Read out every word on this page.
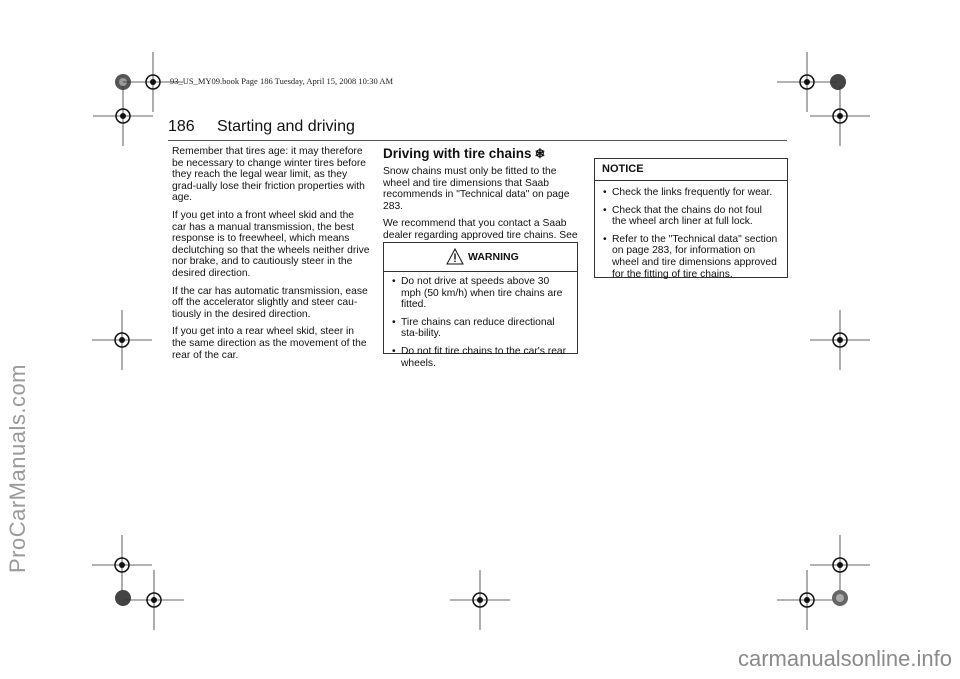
ProCarManuals.com
93_US_MY09.book Page 186 Tuesday, April 15, 2008 10:30 AM
186 Starting and driving

Remember that tires age: it may therefore be necessary to change winter tires before they reach the legal wear limit, as they grad-ually lose their friction properties with age.

If you get into a front wheel skid and the car has a manual transmission, the best response is to freewheel, which means declutching so that the wheels neither drive nor brake, and to cautiously steer in the desired direction.

If the car has automatic transmission, ease off the accelerator slightly and steer cau-tiously in the desired direction.

If you get into a rear wheel skid, steer in the same direction as the movement of the rear of the car.

Driving with tire chains ❄

Snow chains must only be fitted to the wheel and tire dimensions that Saab recommends in "Technical data" on page 283.

We recommend that you contact a Saab dealer regarding approved tire chains. See

WARNING
• Do not drive at speeds above 30 mph (50 km/h) when tire chains are fitted.
• Tire chains can reduce directional sta-bility.
• Do not fit tire chains to the car's rear wheels.
NOTICE
• Check the links frequently for wear.
• Check that the chains do not foul the wheel arch liner at full lock.
• Refer to the "Technical data" section on page 283, for information on wheel and tire dimensions approved for the fitting of tire chains.
carmanualsonline.info
